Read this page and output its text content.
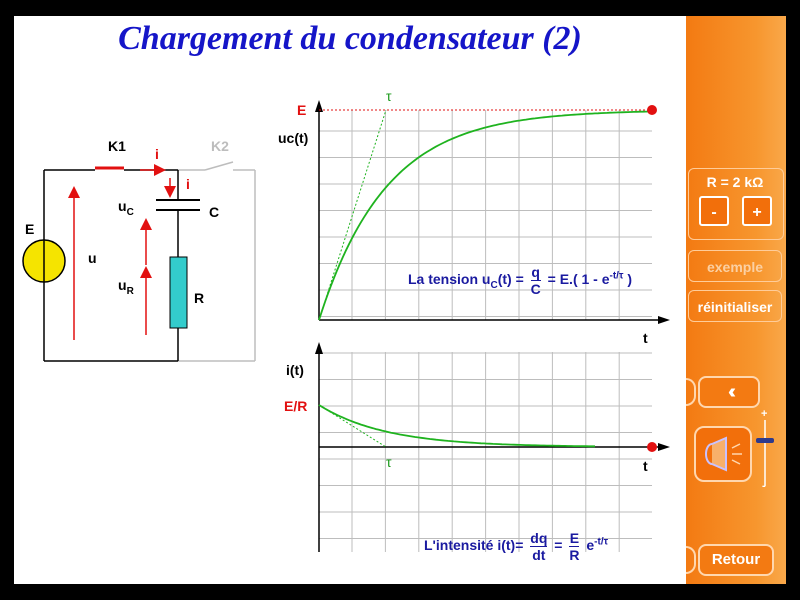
Chargement du condensateur (2)
K1	K2
i
i
E
u
$u_C$
$u_R$
C
R
E
τ
uc(t)
t
La tension $u_C(t) = \frac{q}{C} = E$.( $1 - e^{-t/\tau}$ )
i(t)
E/R
τ	t
L'intensité $i(t)= \frac{dq}{dt} = \frac{E}{R} e^{-t/\tau}$
R = 2 kΩ
-	+
exemple
réinitialiser
‹‹‹
+
-
Retour
